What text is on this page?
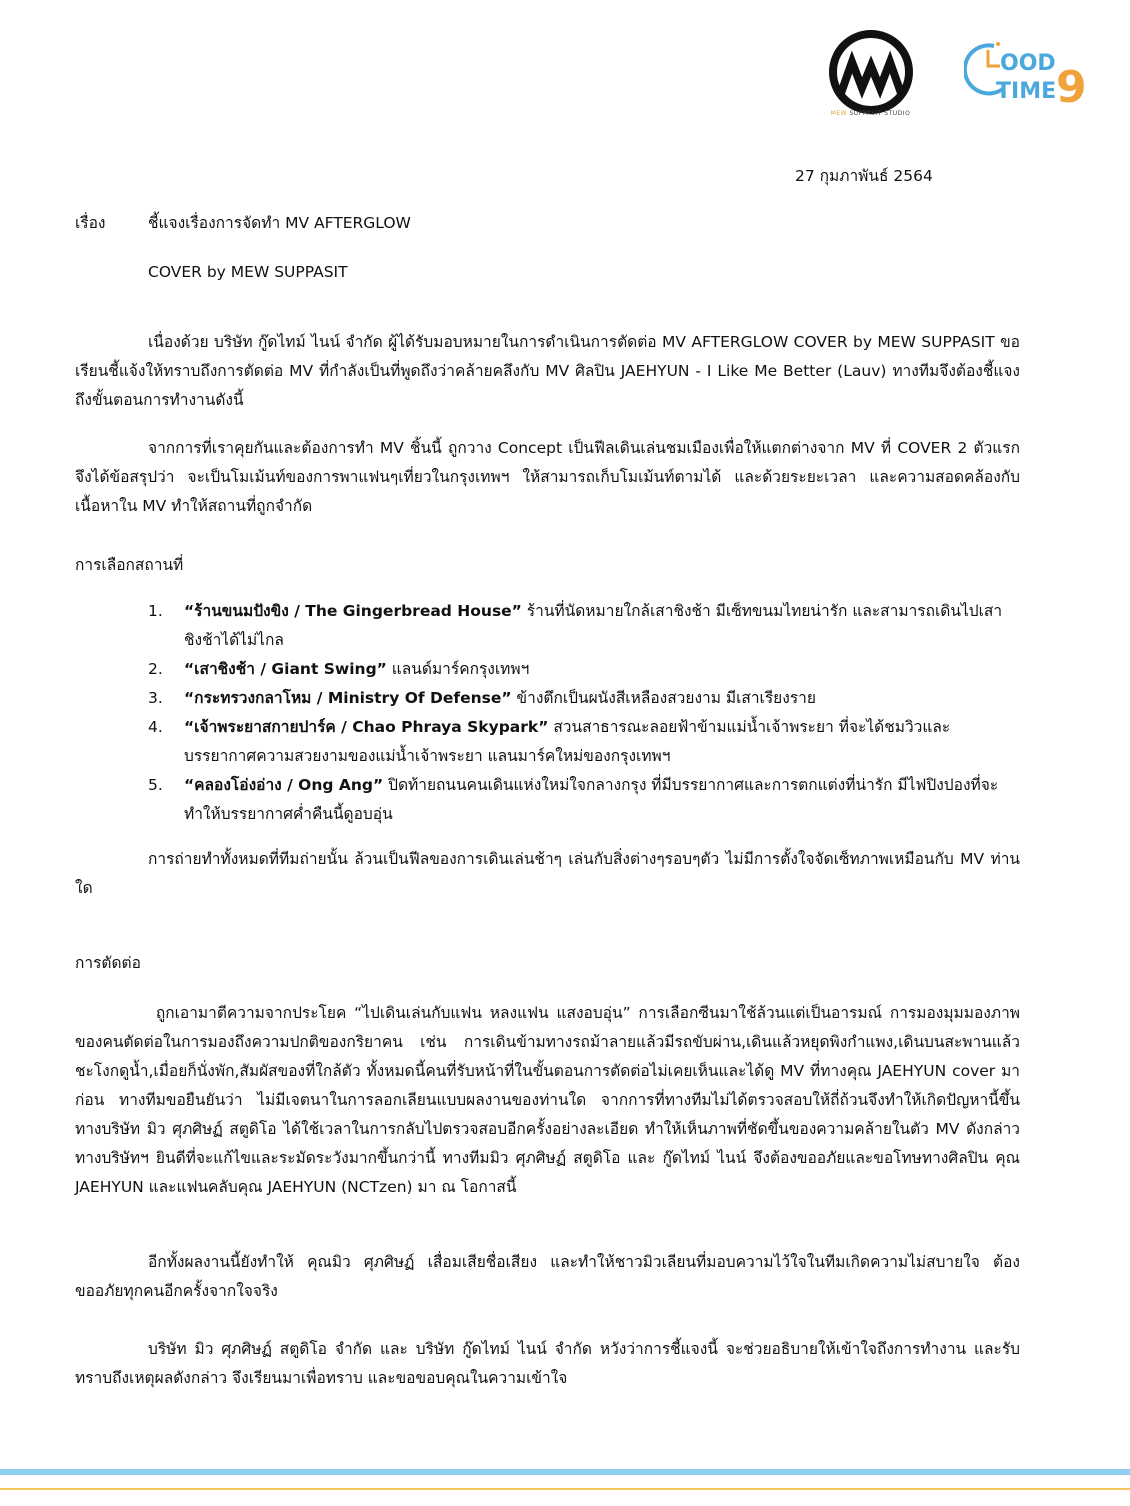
MEW SUPPASIT STUDIO
OOD
TIME 9
27 กุมภาพันธ์ 2564
เรื่อง	ชี้แจงเรื่องการจัดทำ MV AFTERGLOW
COVER by MEW SUPPASIT
เนื่องด้วย บริษัท กู๊ดไทม์ ไนน์ จำกัด ผู้ได้รับมอบหมายในการดำเนินการตัดต่อ MV AFTERGLOW COVER by MEW SUPPASIT ขอเรียนชี้แจ้งให้ทราบถึงการตัดต่อ MV ที่กำลังเป็นที่พูดถึงว่าคล้ายคลึงกับ MV ศิลปิน JAEHYUN - I Like Me Better (Lauv) ทางทีมจึงต้องชี้แจงถึงขั้นตอนการทำงานดังนี้
จากการที่เราคุยกันและต้องการทำ MV ชิ้นนี้ ถูกวาง Concept เป็นฟีลเดินเล่นชมเมืองเพื่อให้แตกต่างจาก MV ที่ COVER 2 ตัวแรก จึงได้ข้อสรุปว่า จะเป็นโมเม้นท์ของการพาแฟนๆเที่ยวในกรุงเทพฯ ให้สามารถเก็บโมเม้นท์ตามได้ และด้วยระยะเวลา และความสอดคล้องกับเนื้อหาใน MV ทำให้สถานที่ถูกจำกัด
การเลือกสถานที่
1. “ร้านขนมปังขิง / The Gingerbread House” ร้านที่นัดหมายใกล้เสาชิงช้า มีเซ็ทขนมไทยน่ารัก และสามารถเดินไปเสาชิงช้าได้ไม่ไกล
2. “เสาชิงช้า / Giant Swing” แลนด์มาร์คกรุงเทพฯ
3. “กระทรวงกลาโหม / Ministry Of Defense” ข้างตึกเป็นผนังสีเหลืองสวยงาม มีเสาเรียงราย
4. “เจ้าพระยาสกายปาร์ค / Chao Phraya Skypark” สวนสาธารณะลอยฟ้าข้ามแม่น้ำเจ้าพระยา ที่จะได้ชมวิวและบรรยากาศความสวยงามของแม่น้ำเจ้าพระยา แลนมาร์คใหม่ของกรุงเทพฯ
5. “คลองโอ่งอ่าง / Ong Ang” ปิดท้ายถนนคนเดินแห่งใหม่ใจกลางกรุง ที่มีบรรยากาศและการตกแต่งที่น่ารัก มีไฟปิงปองที่จะทำให้บรรยากาศค่ำคืนนี้ดูอบอุ่น
การถ่ายทำทั้งหมดที่ทีมถ่ายนั้น ล้วนเป็นฟีลของการเดินเล่นช้าๆ เล่นกับสิ่งต่างๆรอบๆตัว ไม่มีการตั้งใจจัดเซ็ทภาพเหมือนกับ MV ท่านใด
การตัดต่อ
ถูกเอามาตีความจากประโยค “ไปเดินเล่นกับแฟน หลงแฟน แสงอบอุ่น” การเลือกซีนมาใช้ล้วนแต่เป็นอารมณ์ การมองมุมมองภาพของคนตัดต่อในการมองถึงความปกติของกริยาคน เช่น การเดินข้ามทางรถม้าลายแล้วมีรถขับผ่าน,เดินแล้วหยุดพิงกำแพง,เดินบนสะพานแล้วชะโงกดูน้ำ,เมื่อยก็นั่งพัก,สัมผัสของที่ใกล้ตัว ทั้งหมดนี้คนที่รับหน้าที่ในขั้นตอนการตัดต่อไม่เคยเห็นและได้ดู MV ที่ทางคุณ JAEHYUN cover มาก่อน ทางทีมขอยืนยันว่า ไม่มีเจตนาในการลอกเลียนแบบผลงานของท่านใด จากการที่ทางทีมไม่ได้ตรวจสอบให้ถี่ถ้วนจึงทำให้เกิดปัญหานี้ขึ้น ทางบริษัท มิว ศุภศิษฏ์ สตูดิโอ ได้ใช้เวลาในการกลับไปตรวจสอบอีกครั้งอย่างละเอียด ทำให้เห็นภาพที่ชัดขึ้นของความคล้ายในตัว MV ดังกล่าว ทางบริษัทฯ ยินดีที่จะแก้ไขและระมัดระวังมากขึ้นกว่านี้ ทางทีมมิว ศุภศิษฏ์ สตูดิโอ และ กู๊ดไทม์ ไนน์ จึงต้องขออภัยและขอโทษทางศิลปิน คุณ JAEHYUN และแฟนคลับคุณ JAEHYUN (NCTzen) มา ณ โอกาสนี้
อีกทั้งผลงานนี้ยังทำให้ คุณมิว ศุภศิษฏ์ เสื่อมเสียชื่อเสียง และทำให้ชาวมิวเลียนที่มอบความไว้ใจในทีมเกิดความไม่สบายใจ ต้องขออภัยทุกคนอีกครั้งจากใจจริง
บริษัท มิว ศุภศิษฏ์ สตูดิโอ จำกัด และ บริษัท กู๊ดไทม์ ไนน์ จำกัด หวังว่าการชี้แจงนี้ จะช่วยอธิบายให้เข้าใจถึงการทำงาน และรับทราบถึงเหตุผลดังกล่าว จึงเรียนมาเพื่อทราบ และขอขอบคุณในความเข้าใจ
